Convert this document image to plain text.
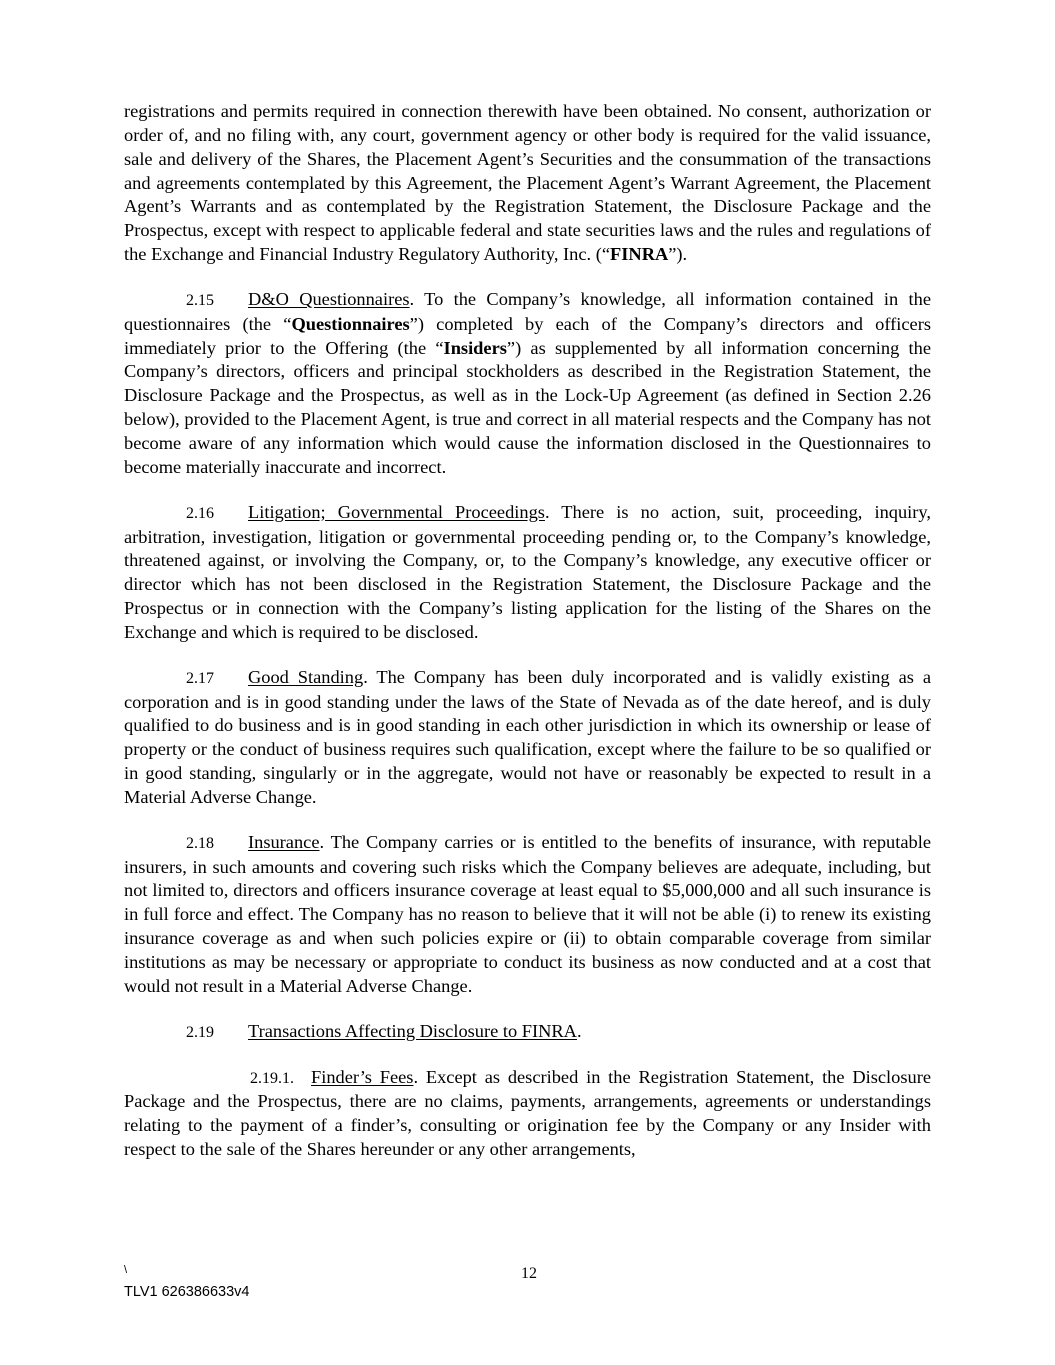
registrations and permits required in connection therewith have been obtained. No consent, authorization or order of, and no filing with, any court, government agency or other body is required for the valid issuance, sale and delivery of the Shares, the Placement Agent’s Securities and the consummation of the transactions and agreements contemplated by this Agreement, the Placement Agent’s Warrant Agreement, the Placement Agent’s Warrants and as contemplated by the Registration Statement, the Disclosure Package and the Prospectus, except with respect to applicable federal and state securities laws and the rules and regulations of the Exchange and Financial Industry Regulatory Authority, Inc. (“FINRA”).

2.15 D&O Questionnaires. To the Company’s knowledge, all information contained in the questionnaires (the “Questionnaires”) completed by each of the Company’s directors and officers immediately prior to the Offering (the “Insiders”) as supplemented by all information concerning the Company’s directors, officers and principal stockholders as described in the Registration Statement, the Disclosure Package and the Prospectus, as well as in the Lock-Up Agreement (as defined in Section 2.26 below), provided to the Placement Agent, is true and correct in all material respects and the Company has not become aware of any information which would cause the information disclosed in the Questionnaires to become materially inaccurate and incorrect.

2.16 Litigation; Governmental Proceedings. There is no action, suit, proceeding, inquiry, arbitration, investigation, litigation or governmental proceeding pending or, to the Company’s knowledge, threatened against, or involving the Company, or, to the Company’s knowledge, any executive officer or director which has not been disclosed in the Registration Statement, the Disclosure Package and the Prospectus or in connection with the Company’s listing application for the listing of the Shares on the Exchange and which is required to be disclosed.

2.17 Good Standing. The Company has been duly incorporated and is validly existing as a corporation and is in good standing under the laws of the State of Nevada as of the date hereof, and is duly qualified to do business and is in good standing in each other jurisdiction in which its ownership or lease of property or the conduct of business requires such qualification, except where the failure to be so qualified or in good standing, singularly or in the aggregate, would not have or reasonably be expected to result in a Material Adverse Change.

2.18 Insurance. The Company carries or is entitled to the benefits of insurance, with reputable insurers, in such amounts and covering such risks which the Company believes are adequate, including, but not limited to, directors and officers insurance coverage at least equal to $5,000,000 and all such insurance is in full force and effect. The Company has no reason to believe that it will not be able (i) to renew its existing insurance coverage as and when such policies expire or (ii) to obtain comparable coverage from similar institutions as may be necessary or appropriate to conduct its business as now conducted and at a cost that would not result in a Material Adverse Change.

2.19 Transactions Affecting Disclosure to FINRA.

2.19.1. Finder’s Fees. Except as described in the Registration Statement, the Disclosure Package and the Prospectus, there are no claims, payments, arrangements, agreements or understandings relating to the payment of a finder’s, consulting or origination fee by the Company or any Insider with respect to the sale of the Shares hereunder or any other arrangements,

\	12
TLV1 626386633v4
